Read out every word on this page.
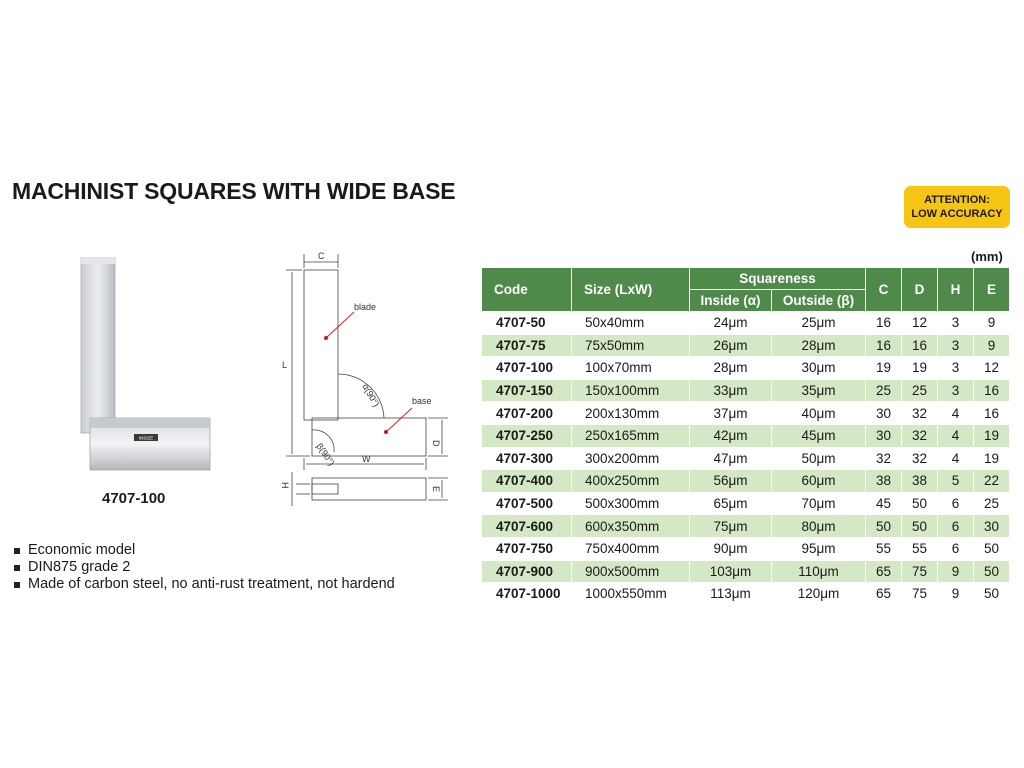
MACHINIST SQUARES WITH WIDE BASE	ATTENTION:
LOW ACCURACY
(mm)
INSIZE
4707-100
C
L
blade
α(90°)	base
β(90°)	D
W
H
E
Economic model
DIN875 grade 2
Made of carbon steel, no anti-rust treatment, not hardend
Code	Size (LxW)	Squareness		C	D	H	E
		Inside (α)	Outside (β)				
4707-50	50x40mm	24μm	25μm	16	12	3	9
4707-75	75x50mm	26μm	28μm	16	16	3	9
4707-100	100x70mm	28μm	30μm	19	19	3	12
4707-150	150x100mm	33μm	35μm	25	25	3	16
4707-200	200x130mm	37μm	40μm	30	32	4	16
4707-250	250x165mm	42μm	45μm	30	32	4	19
4707-300	300x200mm	47μm	50μm	32	32	4	19
4707-400	400x250mm	56μm	60μm	38	38	5	22
4707-500	500x300mm	65μm	70μm	45	50	6	25
4707-600	600x350mm	75μm	80μm	50	50	6	30
4707-750	750x400mm	90μm	95μm	55	55	6	50
4707-900	900x500mm	103μm	110μm	65	75	9	50
4707-1000	1000x550mm	113μm	120μm	65	75	9	50
